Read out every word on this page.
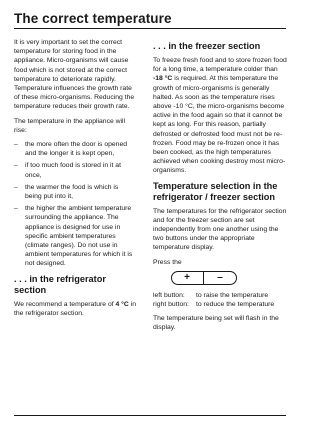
The correct temperature

It is very important to set the correct temperature for storing food in the appliance. Micro-organisms will cause food which is not stored at the correct temperature to deteriorate rapidly. Temperature influences the growth rate of these micro-organisms. Reducing the temperature reduces their growth rate.

The temperature in the appliance will rise:

– the more often the door is opened and the longer it is kept open,
– if too much food is stored in it at once,
– the warmer the food is which is being put into it,
– the higher the ambient temperature surrounding the appliance. The appliance is designed for use in specific ambient temperatures (climate ranges). Do not use in ambient temperatures for which it is not designed.
. . . in the refrigerator section

We recommend a temperature of 4 °C in the refrigerator section.

. . . in the freezer section

To freeze fresh food and to store frozen food for a long time, a temperature colder than -18 °C is required. At this temperature the growth of micro-organisms is generally halted. As soon as the temperature rises above -10 °C, the micro-organisms become active in the food again so that it cannot be kept as long. For this reason, partially defrosted or defrosted food must not be re-frozen. Food may be re-frozen once it has been cooked, as the high temperatures achieved when cooking destroy most micro-organisms.

Temperature selection in the refrigerator / freezer section

The temperatures for the refrigerator section and for the freezer section are set independently from one another using the two buttons under the appropriate temperature display.

Press the

+	–
left button:	to raise the temperature
right button:	to reduce the temperature

The temperature being set will flash in the display.
